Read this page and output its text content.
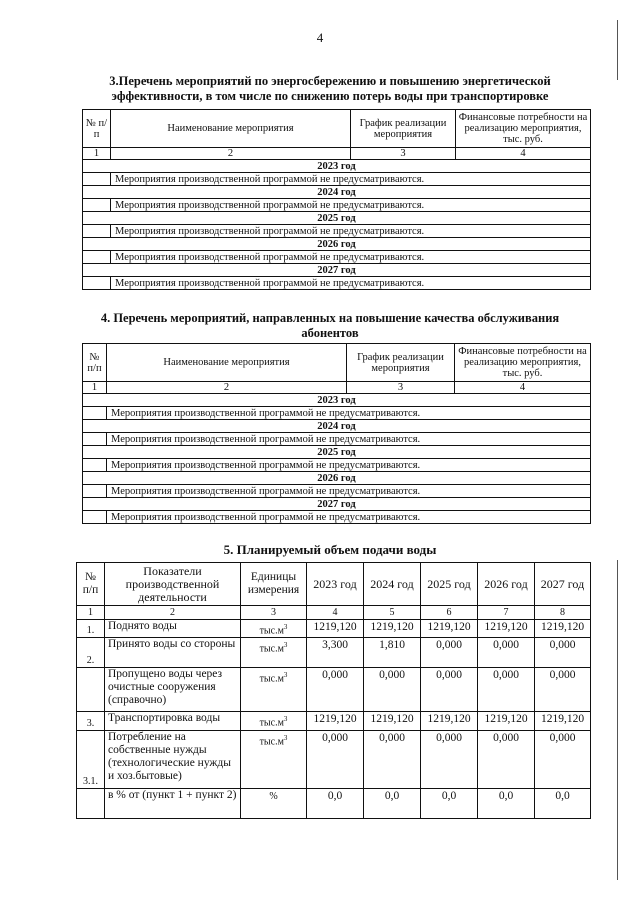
4
3.Перечень мероприятий по энергосбережению и повышению энергетической
эффективности, в том числе по снижению потерь воды при транспортировке
№ п/п	Наименование мероприятия	График реализации мероприятия	Финансовые потребности на реализацию мероприятия, тыс. руб.
1	2	3	4
2023 год			
	Мероприятия производственной программой не предусматриваются.		
2024 год			
	Мероприятия производственной программой не предусматриваются.		
2025 год			
	Мероприятия производственной программой не предусматриваются.		
2026 год			
	Мероприятия производственной программой не предусматриваются.		
2027 год			
	Мероприятия производственной программой не предусматриваются.		
4. Перечень мероприятий, направленных на повышение качества обслуживания
абонентов
№ п/п	Наименование мероприятия	График реализации мероприятия	Финансовые потребности на реализацию мероприятия, тыс. руб.
1	2	3	4
2023 год			
	Мероприятия производственной программой не предусматриваются.		
2024 год			
	Мероприятия производственной программой не предусматриваются.		
2025 год			
	Мероприятия производственной программой не предусматриваются.		
2026 год			
	Мероприятия производственной программой не предусматриваются.		
2027 год			
	Мероприятия производственной программой не предусматриваются.		
5. Планируемый объем подачи воды
№ п/п	Показатели производственной деятельности	Единицы измерения	2023 год	2024 год	2025 год	2026 год	2027 год
1	2	3	4	5	6	7	8
1.	Поднято воды	$тыс.м^3$	1219,120	1219,120	1219,120	1219,120	1219,120
2.	Принято воды со стороны	$тыс.м^3$	3,300	1,810	0,000	0,000	0,000
	Пропущено воды через очистные сооружения (справочно)	$тыс.м^3$	0,000	0,000	0,000	0,000	0,000
3.	Транспортировка воды	$тыс.м^3$	1219,120	1219,120	1219,120	1219,120	1219,120
3.1.	Потребление на собственные нужды (технологические нужды и хоз.бытовые)	$тыс.м^3$	0,000	0,000	0,000	0,000	0,000
	в % от (пункт 1 + пункт 2)	%	0,0	0,0	0,0	0,0	0,0
